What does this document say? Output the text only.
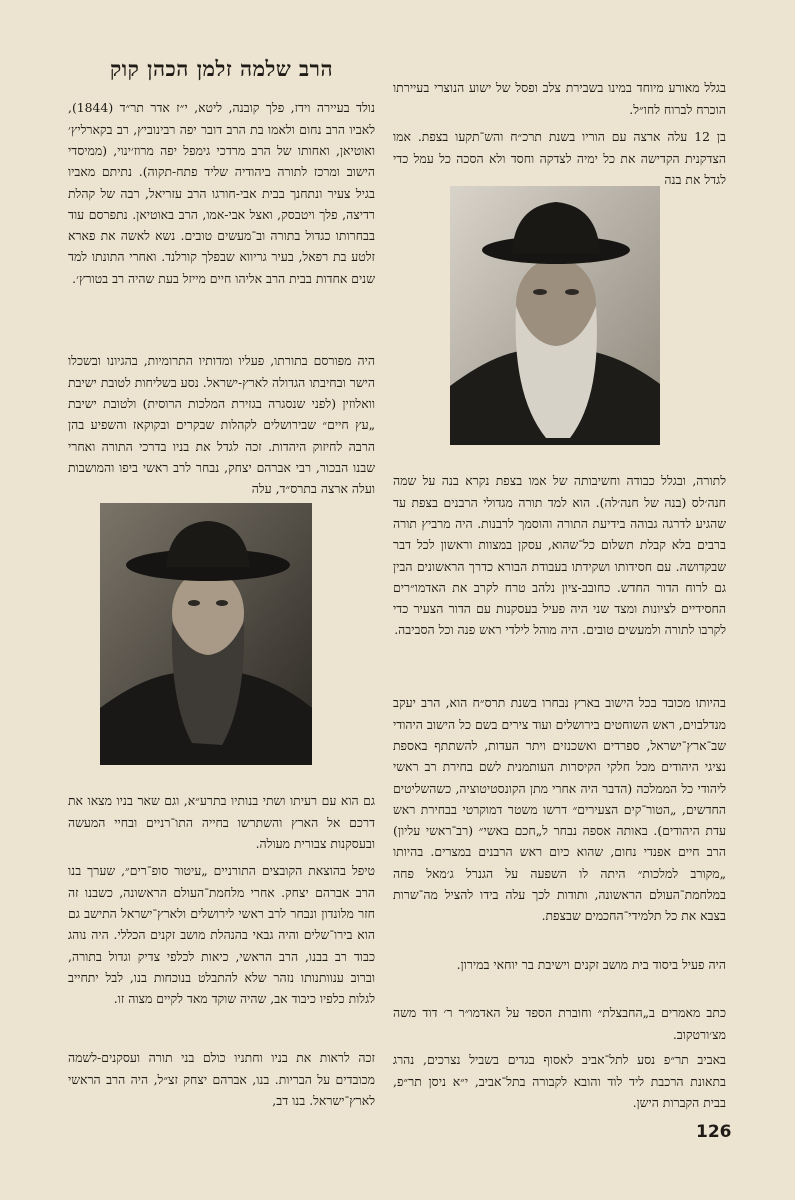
הרב שלמה זלמן הכהן קוק

נולד בעיירה וידז, פלך קובנה, ליטא, י״ז אדר תר״ד (1844), לאביו הרב נחום ולאמו בת הרב דובר יפה רבינוביץ, רב בקארליץ׳ ואוטיאן, ואחותו של הרב מרדכי גימפל יפה מרוז׳ינוי, (ממיסדי הישוב ומרכז לתורה ביהודיה שליד פתח-תקוה). נתיתם מאביו בגיל צעיר ונתחנך בבית אבי-חורגו הרב עזריאל, רבה של קהלת רדיצה, פלך ויטבסק, ואצל אבי-אמו, הרב באוטיאן. נתפרסם עוד בבחרותו כגדול בתורה וב־מעשים טובים. נשא לאשה את פארא זלטע בת רפאל, בעיר גריווא שבפלך קורלנד. ואחרי התונתו למד שנים אחדות בבית הרב אליהו חיים מייזל בעת שהיה רב בטורץ׳.

היה מפורסם בתורתו, פעליו ומדותיו התרומיות, בהגיונו ובשכלו הישר ובחיבתו הגדולה לארץ-ישראל. נסע בשליחות לטובת ישיבת וואלוזין (לפני שנסגרה בגזירת המלכות הרוסית) ולטובת ישיבת „עץ חיים״ שבירושלים לקהלות שבקרים ובקוקאז והשפיע בהן הרבה לחיזוק היהדות. זכה לגדל את בניו בדרכי התורה ואחרי שבנו הבכור, רבי אברהם יצחק, נבחר לרב ראשי ביפו והמושבות ועלה ארצה בתרס״ד, עלה

גם הוא עם רעיתו ושתי בנותיו בתרע״א, וגם שאר בניו מצאו את דרכם אל הארץ והשתרשו בחייה התו־רניים ובחיי המעשה ובעסקנות צבורית מעולה.

טיפל בהוצאת הקובצים התורניים „עיטור סופ־רים״, שערך בנו הרב אברהם יצחק. אחרי מלחמת־העולם הראשונה, כשבנו זה חזר מלונדון ונבחר לרב ראשי לירושלים ולארץ־ישראל התישב גם הוא בירו־שלים והיה גבאי בהנהלת מושב זקנים הכללי. היה נוהג כבוד רב בבנו, הרב הראשי, כיאות לכלפי צדיק וגדול בתורה, וברוב ענוותנותו נזהר שלא להתבלט בנוכחות בנו, לבל יתחייב לגלות כלפיו כיבוד אב, שהיה שוקד מאד לקיים מצוה זו.

זכה לראות את בניו וחתניו כולם בני תורה ועסקנים-לשמה מכובדים על הבריות. בנו, אברהם יצחק זצ״ל, היה הרב הראשי לארץ־ישראל. בנו דב,

בגלל מאורע מיוחד במינו בשבירת צלב ופסל של ישוע הנוצרי בעיירתו הוכרח לברוח לחו״ל.

בן 12 עלה ארצה עם הוריו בשנת תרכ״ח והש־תקעו בצפת. אמו הצדקנית הקדישה את כל ימיה לצדקה וחסד ולא הסכה כל עמל כדי לגדל את בנה

לתורה, ובגלל כבודה וחשיבותה של אמו בצפת נקרא בנה על שמה חנה׳לס (בנה של חנה׳לה). הוא למד תורה מגדולי הרבנים בצפת עד שהגיע לדרגה גבוהה בידיעת התורה והוסמך לרבנות. היה מרביץ תורה ברבים בלא קבלת תשלום כל־שהוא, עסקן במצוות וראשון לכל דבר שבקדושה. עם חסידותו ושקידתו בעבודת הבורא כדרך הראשונים הבין גם לרוח הדור החדש. כחובב-ציון נלהב טרח לקרב את האדמו״רים החסידיים לציונות ומצד שני היה פעיל בעסקנות עם הדור הצעיר כדי לקרבו לתורה ולמעשים טובים. היה מוהל לילדי ראש פנה וכל הסביבה.

בהיותו מכובד בכל הישוב בארץ נבחרו בשנת תרס״ח הוא, הרב יעקב מנדלבוים, ראש השוחטים בירושלים ועוד צירים בשם כל הישוב היהודי שב־ארץ־ישראל, ספרדים ואשכנזים ויתר העדות, להשתתף באספת נציגי היהודים מכל חלקי הקיסרות העותמנית לשם בחירת רב ראשי ליהודי כל הממלכה (הדבר היה אחרי מתן הקונסטיטוציה, כשהשליטים החדשים, „הטור־קים הצעירים״ דרשו משטר דמוקרטי בבחירת ראש עדת היהודים). באותה אספה נבחר ל„חכם באשי״ (רב־ראשי עליון) הרב חיים אפנדי נחום, שהוא כיום ראש הרבנים במצרים. בהיותו „מקורב למלכות״ היתה לו השפעה על הגנרל ג׳מאל פחה במלחמת־העולם הראשונה, ותודות לכך עלה בידו להציל מה־שרות בצבא את כל תלמידי־החכמים שבצפת.

היה פעיל ביסוד בית מושב זקנים וישיבת בר יוחאי במירון.

כתב מאמרים ב„החבצלת״ וחוברת הספד על האדמו״ר ר׳ דוד משה מצ׳ורטקוב.

באביב תר״פ נסע לתל־אביב לאסוף בגדים בשביל נצרכים, נהרג בתאונת הרכבת ליד לוד והובא לקבורה בתל־אביב, י״א ניסן תר״פ, בבית הקברות הישן.

126
